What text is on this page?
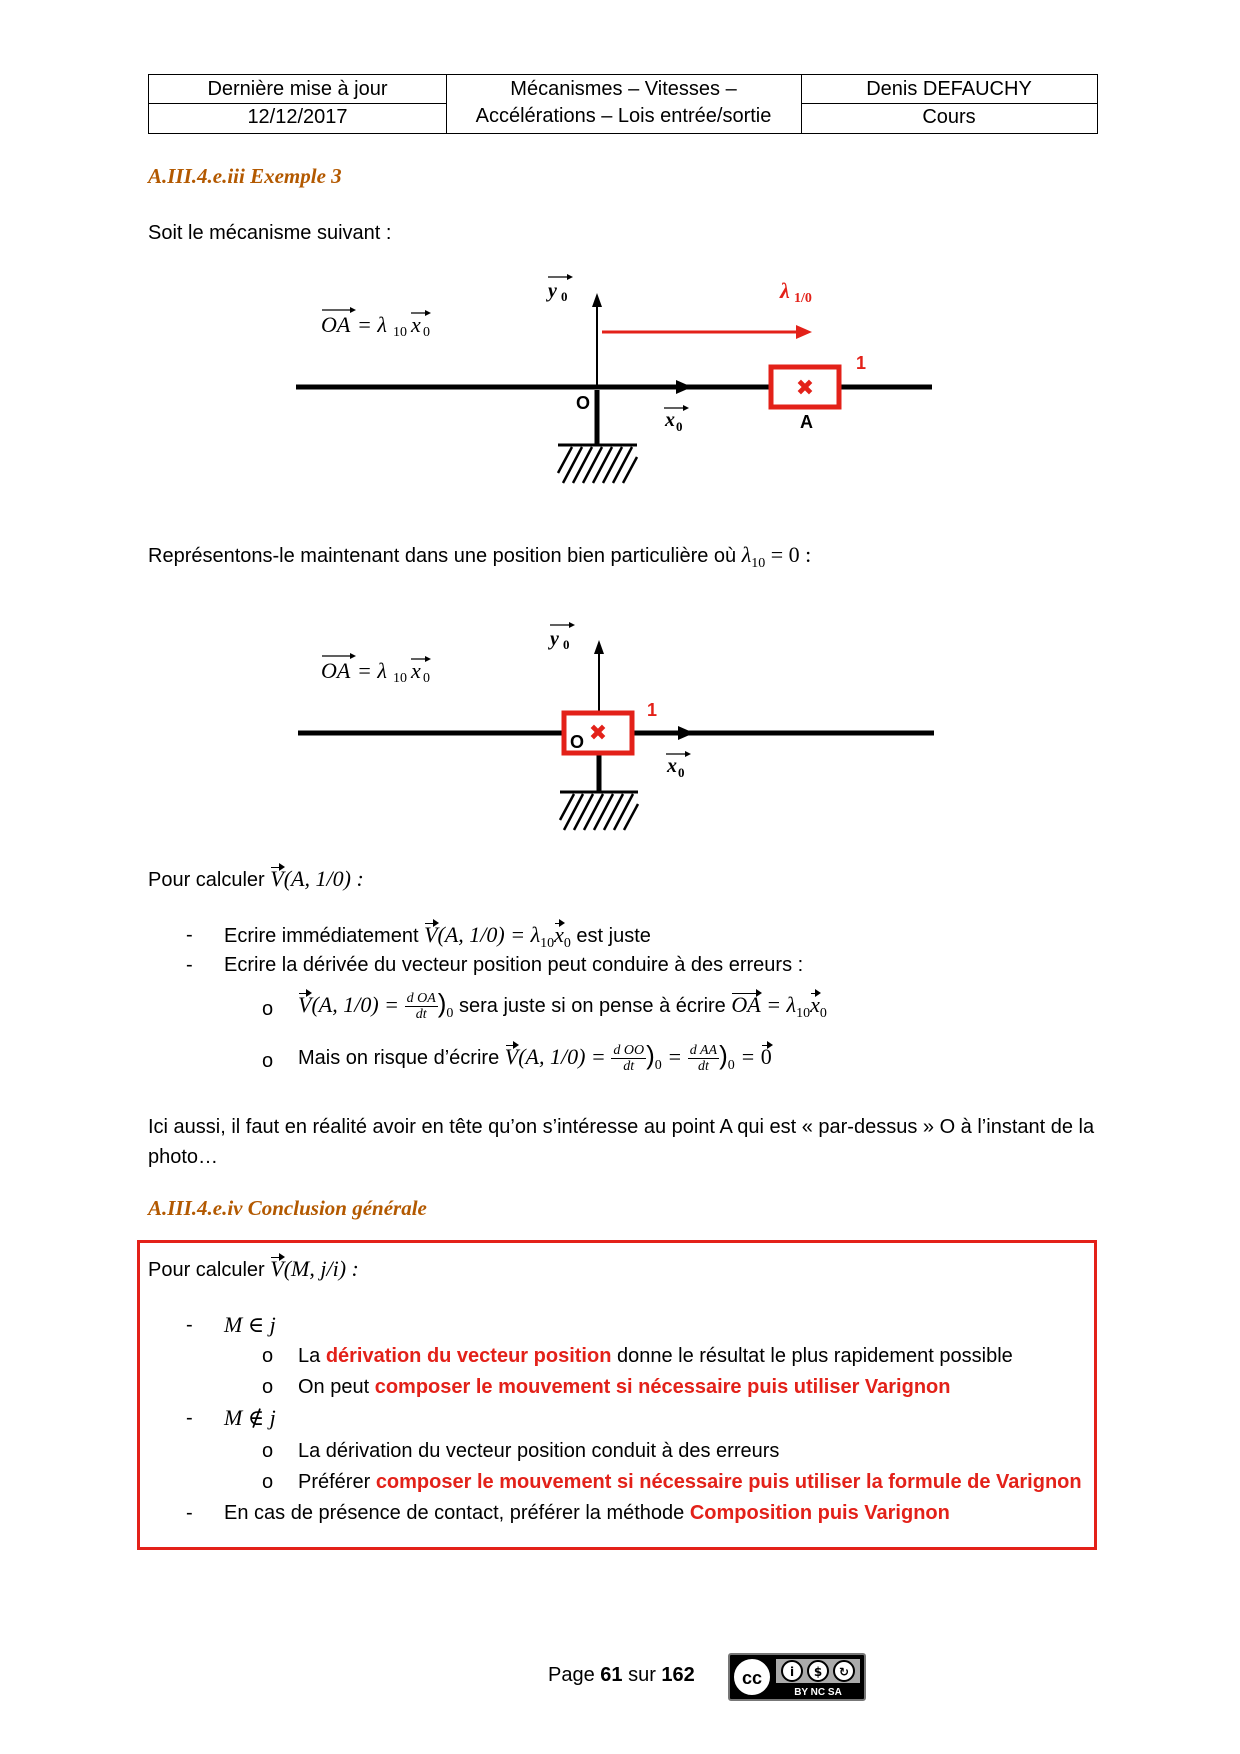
Dernière mise à jour
12/12/2017
Mécanismes – Vitesses –
Accélérations – Lois entrée/sortie
Denis DEFAUCHY
Cours
A.III.4.e.iii Exemple 3
Soit le mécanisme suivant :
✖
1
O
A
y 0
x 0
λ 1/0
OA = λ 10 x 0
Représentons-le maintenant dans une position bien particulière où $\lambda_{10} = 0$ :
✖
O
1
y 0
x 0
OA = λ 10 x 0
Pour calculer V(A, 1/0) :
- Ecrire immédiatement V(A, $1/0) = \lambda_{10}x_0$ est juste
- Ecrire la dérivée du vecteur position peut conduire à des erreurs :
o V(A, $1/0) = \frac{\text{d OA}}{dt} )_0$ sera juste si on pense à écrire OA = $\lambda_{10}x_0$
o Mais on risque d’écrire V(A, $1/0) = \frac{\text{d OO}}{dt} )_0 = \frac{\text{d AA}}{dt} )_0 = 0$
Ici aussi, il faut en réalité avoir en tête qu’on s’intéresse au point A qui est « par-dessus » O à l’instant de la photo…
A.III.4.e.iv Conclusion générale
Pour calculer V(M, j/i) :
- M ∈ j
o La dérivation du vecteur position donne le résultat le plus rapidement possible
o On peut composer le mouvement si nécessaire puis utiliser Varignon
- M ∉ j
o La dérivation du vecteur position conduit à des erreurs
o Préférer composer le mouvement si nécessaire puis utiliser la formule de Varignon
- En cas de présence de contact, préférer la méthode Composition puis Varignon
Page 61 sur 162	cc i $ ↻
BY NC SA
